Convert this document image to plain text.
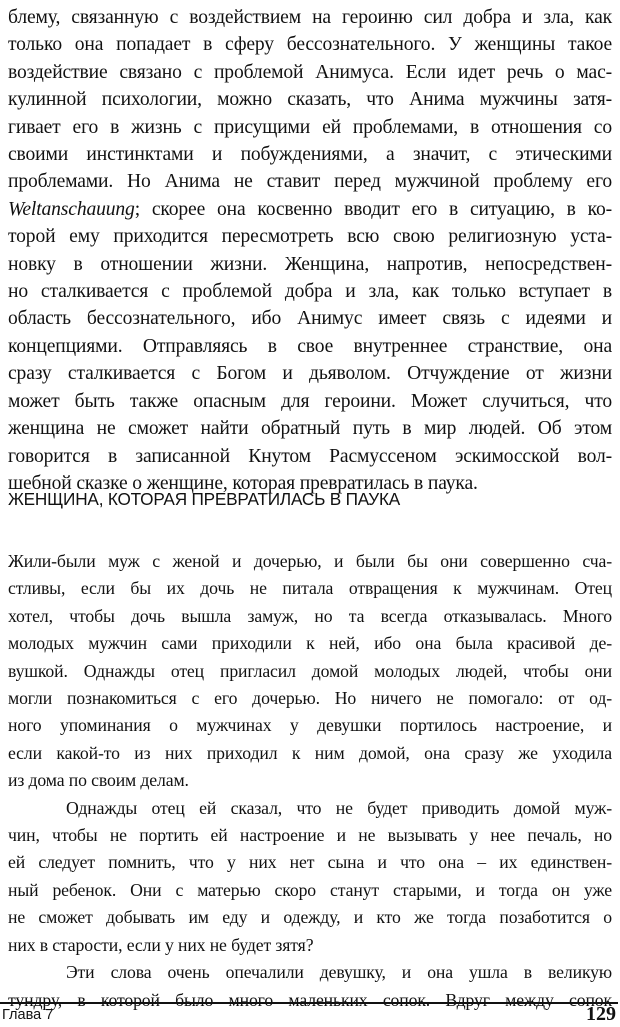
блему, связанную с воздействием на героиню сил добра и зла, как
только она попадает в сферу бессознательного. У женщины такое
воздействие связано с проблемой Анимуса. Если идет речь о мас-
кулинной психологии, можно сказать, что Анима мужчины затя-
гивает его в жизнь с присущими ей проблемами, в отношения со
своими инстинктами и побуждениями, а значит, с этическими
проблемами. Но Анима не ставит перед мужчиной проблему его
Weltanschauung; скорее она косвенно вводит его в ситуацию, в ко-
торой ему приходится пересмотреть всю свою религиозную уста-
новку в отношении жизни. Женщина, напротив, непосредствен-
но сталкивается с проблемой добра и зла, как только вступает в
область бессознательного, ибо Анимус имеет связь с идеями и
концепциями. Отправляясь в свое внутреннее странствие, она
сразу сталкивается с Богом и дьяволом. Отчуждение от жизни
может быть также опасным для героини. Может случиться, что
женщина не сможет найти обратный путь в мир людей. Об этом
говорится в записанной Кнутом Расмуссеном эскимосской вол-
шебной сказке о женщине, которая превратилась в паука.
ЖЕНЩИНА, КОТОРАЯ ПРЕВРАТИЛАСЬ В ПАУКА
Жили-были муж с женой и дочерью, и были бы они совершенно сча-
стливы, если бы их дочь не питала отвращения к мужчинам. Отец
хотел, чтобы дочь вышла замуж, но та всегда отказывалась. Много
молодых мужчин сами приходили к ней, ибо она была красивой де-
вушкой. Однажды отец пригласил домой молодых людей, чтобы они
могли познакомиться с его дочерью. Но ничего не помогало: от од-
ного упоминания о мужчинах у девушки портилось настроение, и
если какой-то из них приходил к ним домой, она сразу же уходила
из дома по своим делам.
Однажды отец ей сказал, что не будет приводить домой муж-
чин, чтобы не портить ей настроение и не вызывать у нее печаль, но
ей следует помнить, что у них нет сына и что она – их единствен-
ный ребенок. Они с матерью скоро станут старыми, и тогда он уже
не сможет добывать им еду и одежду, и кто же тогда позаботится о
них в старости, если у них не будет зятя?
Эти слова очень опечалили девушку, и она ушла в великую
тундру, в которой было много маленьких сопок. Вдруг между сопок
Глава 7	129
